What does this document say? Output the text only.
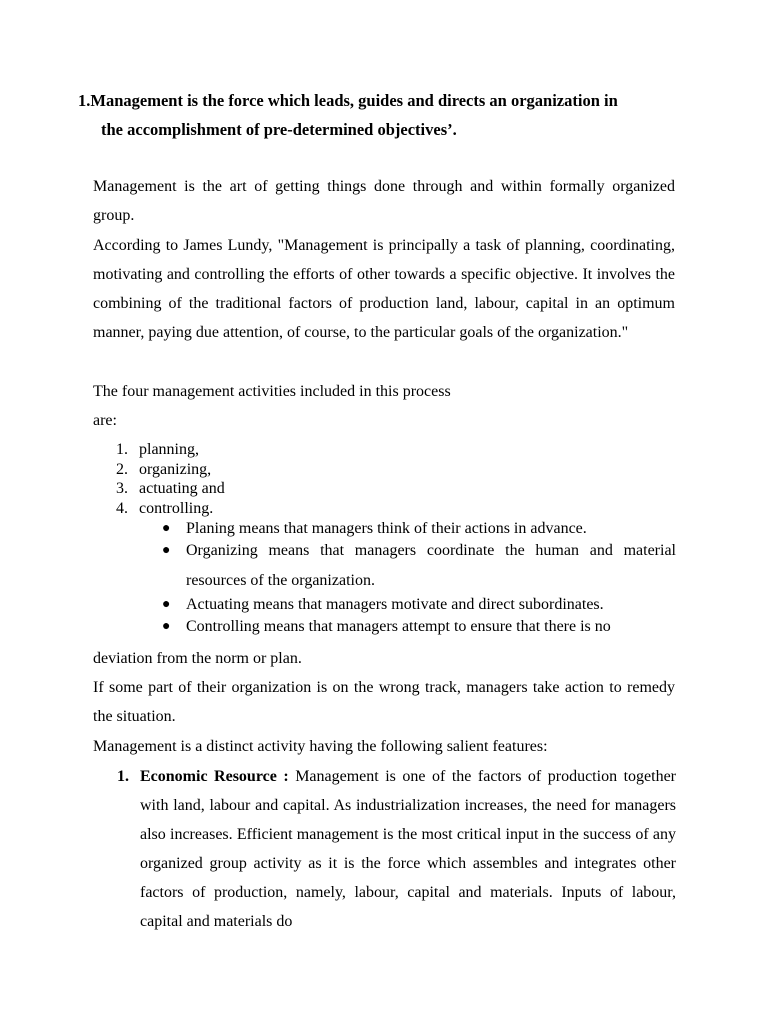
1.Management is the force which leads, guides and directs an organization in
the accomplishment of pre-determined objectives’.
Management is the art of getting things done through and within formally organized group.
According to James Lundy, "Management is principally a task of planning, coordinating, motivating and controlling the efforts of other towards a specific objective. It involves the combining of the traditional factors of production land, labour, capital in an optimum manner, paying due attention, of course, to the particular goals of the organization."
The four management activities included in this process
are:
1. planning,
2. organizing,
3. actuating and
4. controlling.
● Planing means that managers think of their actions in advance.
● Organizing means that managers coordinate the human and material resources of the organization.
● Actuating means that managers motivate and direct subordinates.
● Controlling means that managers attempt to ensure that there is no
deviation from the norm or plan.
If some part of their organization is on the wrong track, managers take action to remedy the situation.
Management is a distinct activity having the following salient features:
1. Economic Resource : Management is one of the factors of production together with land, labour and capital. As industrialization increases, the need for managers also increases. Efficient management is the most critical input in the success of any organized group activity as it is the force which assembles and integrates other factors of production, namely, labour, capital and materials. Inputs of labour, capital and materials do
